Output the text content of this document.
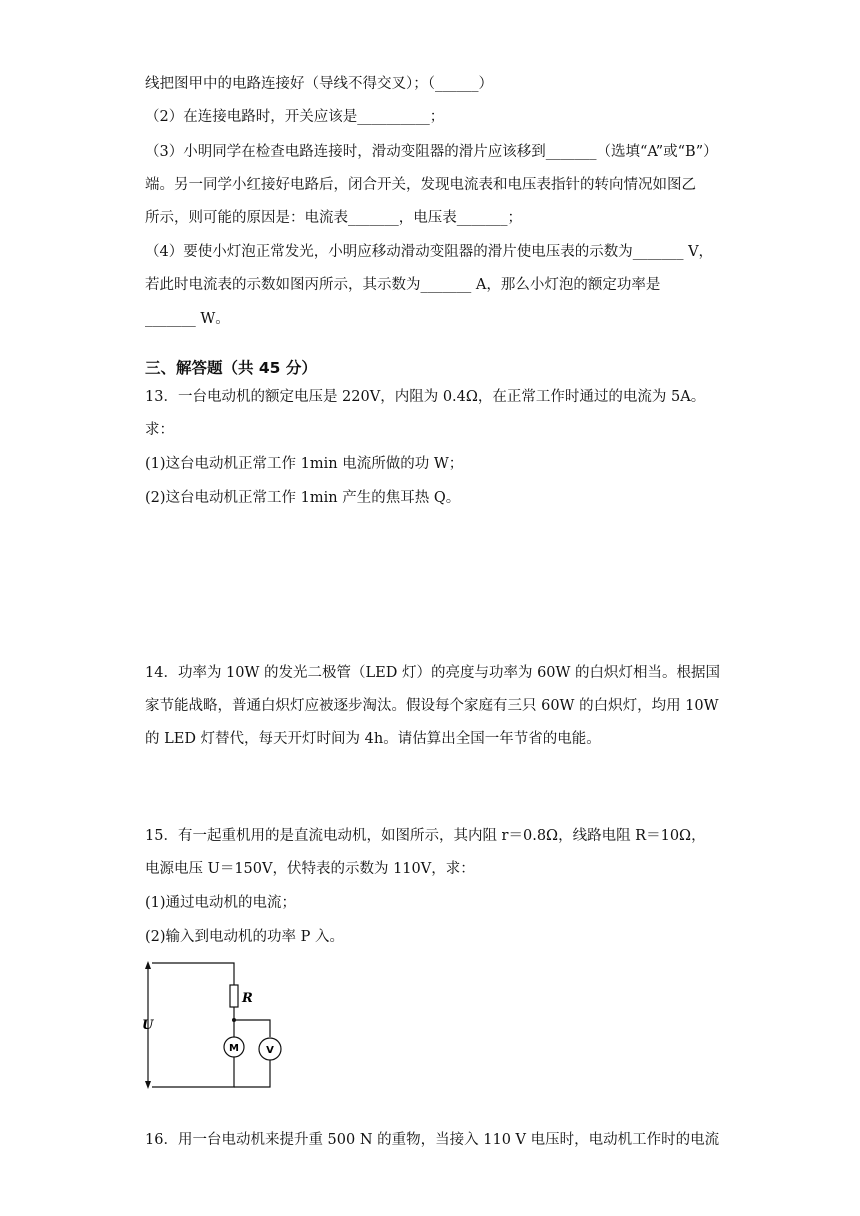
线把图甲中的电路连接好（导线不得交叉）；（______）
（2）在连接电路时，开关应该是__________；
（3）小明同学在检查电路连接时，滑动变阻器的滑片应该移到_______（选填“A”或“B”）
端。另一同学小红接好电路后，闭合开关，发现电流表和电压表指针的转向情况如图乙
所示，则可能的原因是：电流表_______，电压表_______；
（4）要使小灯泡正常发光，小明应移动滑动变阻器的滑片使电压表的示数为_______ V，
若此时电流表的示数如图丙所示，其示数为_______ A，那么小灯泡的额定功率是
_______ W。
三、解答题（共 45 分）
13．一台电动机的额定电压是 220V，内阻为 0.4Ω，在正常工作时通过的电流为 5A。
求：
(1)这台电动机正常工作 1min 电流所做的功 W；
(2)这台电动机正常工作 1min 产生的焦耳热 Q。
14．功率为 10W 的发光二极管（LED 灯）的亮度与功率为 60W 的白炽灯相当。根据国
家节能战略，普通白炽灯应被逐步淘汰。假设每个家庭有三只 60W 的白炽灯，均用 10W
的 LED 灯替代，每天开灯时间为 4h。请估算出全国一年节省的电能。
15．有一起重机用的是直流电动机，如图所示，其内阻 r＝0.8Ω，线路电阻 R＝10Ω，
电源电压 U＝150V，伏特表的示数为 110V，求：
(1)通过电动机的电流；
(2)输入到电动机的功率 P 入。
R
U
M	V
16．用一台电动机来提升重 500 N 的重物，当接入 110 V 电压时，电动机工作时的电流
